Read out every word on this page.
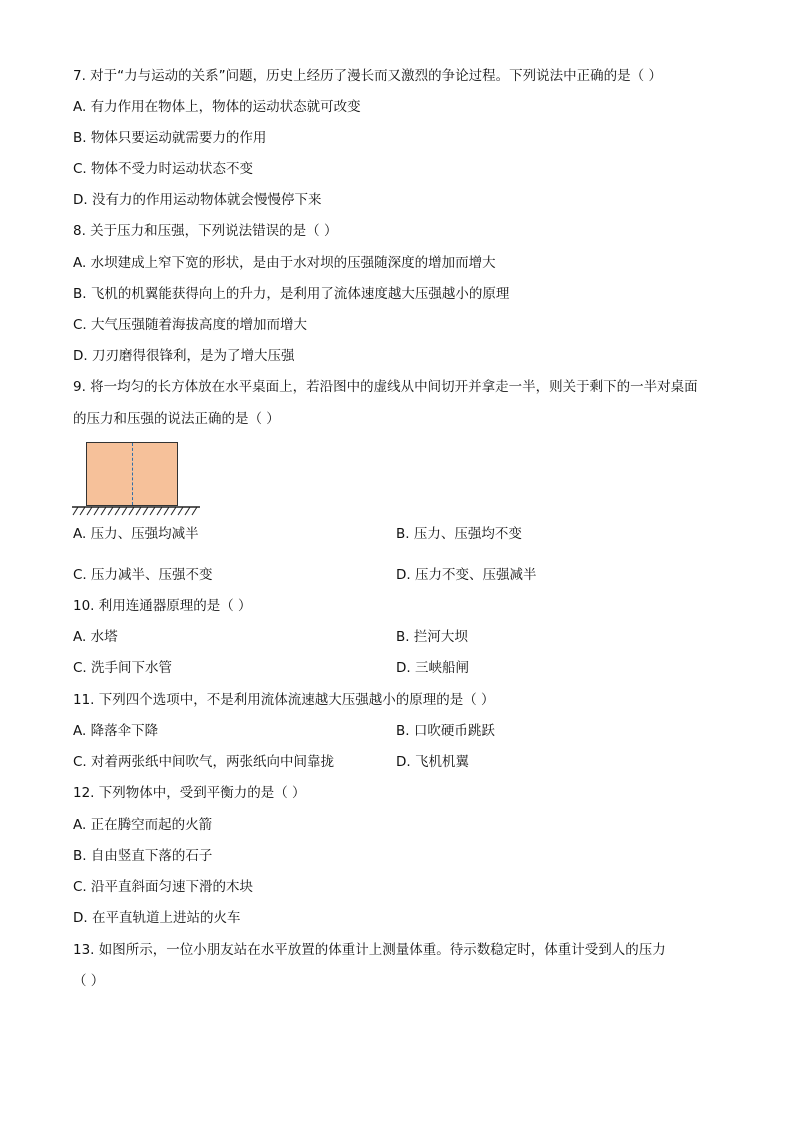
7. 对于“力与运动的关系”问题，历史上经历了漫长而又激烈的争论过程。下列说法中正确的是（ ）
A. 有力作用在物体上，物体的运动状态就可改变
B. 物体只要运动就需要力的作用
C. 物体不受力时运动状态不变
D. 没有力的作用运动物体就会慢慢停下来
8. 关于压力和压强，下列说法错误的是（ ）
A. 水坝建成上窄下宽的形状，是由于水对坝的压强随深度的增加而增大
B. 飞机的机翼能获得向上的升力，是利用了流体速度越大压强越小的原理
C. 大气压强随着海拔高度的增加而增大
D. 刀刃磨得很锋利，是为了增大压强
9. 将一均匀的长方体放在水平桌面上，若沿图中的虚线从中间切开并拿走一半，则关于剩下的一半对桌面
的压力和压强的说法正确的是（ ）
A. 压力、压强均减半	B. 压力、压强均不变
C. 压力减半、压强不变	D. 压力不变、压强减半
10. 利用连通器原理的是（ ）
A. 水塔	B. 拦河大坝
C. 洗手间下水管	D. 三峡船闸
11. 下列四个选项中，不是利用流体流速越大压强越小的原理的是（ ）
A. 降落伞下降	B. 口吹硬币跳跃
C. 对着两张纸中间吹气，两张纸向中间靠拢	D. 飞机机翼
12. 下列物体中，受到平衡力的是（ ）
A. 正在腾空而起的火箭
B. 自由竖直下落的石子
C. 沿平直斜面匀速下滑的木块
D. 在平直轨道上进站的火车
13. 如图所示，一位小朋友站在水平放置的体重计上测量体重。待示数稳定时，体重计受到人的压力
（ ）
